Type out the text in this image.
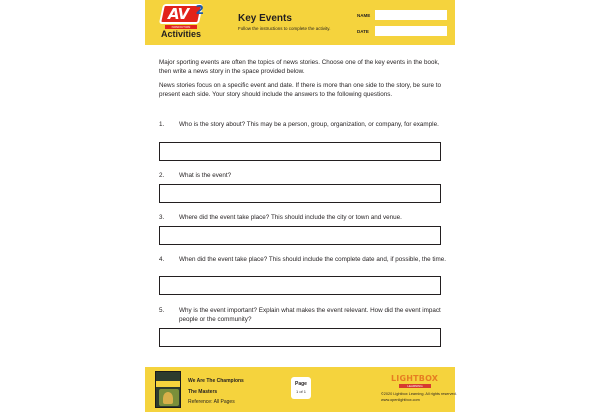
AV 2
NONFICTION
Activities
Key Events
Follow the instructions to complete the activity.
NAME
DATE

Major sporting events are often the topics of news stories. Choose one of the key events in the book, then write a news story in the space provided below.

News stories focus on a specific event and date. If there is more than one side to the story, be sure to present each side. Your story should include the answers to the following questions.

1. Who is the story about? This may be a person, group, organization, or company, for example.
2. What is the event?
3. Where did the event take place? This should include the city or town and venue.
4. When did the event take place? This should include the complete date and, if possible, the time.
5. Why is the event important? Explain what makes the event relevant. How did the event impact people or the community?
We Are The Champions
The Masters
Reference: All Pages
Page
1 of 1
LIGHTBOX
LEARNING
©2020 Lightbox Learning. All rights reserved.
www.openlightbox.com
